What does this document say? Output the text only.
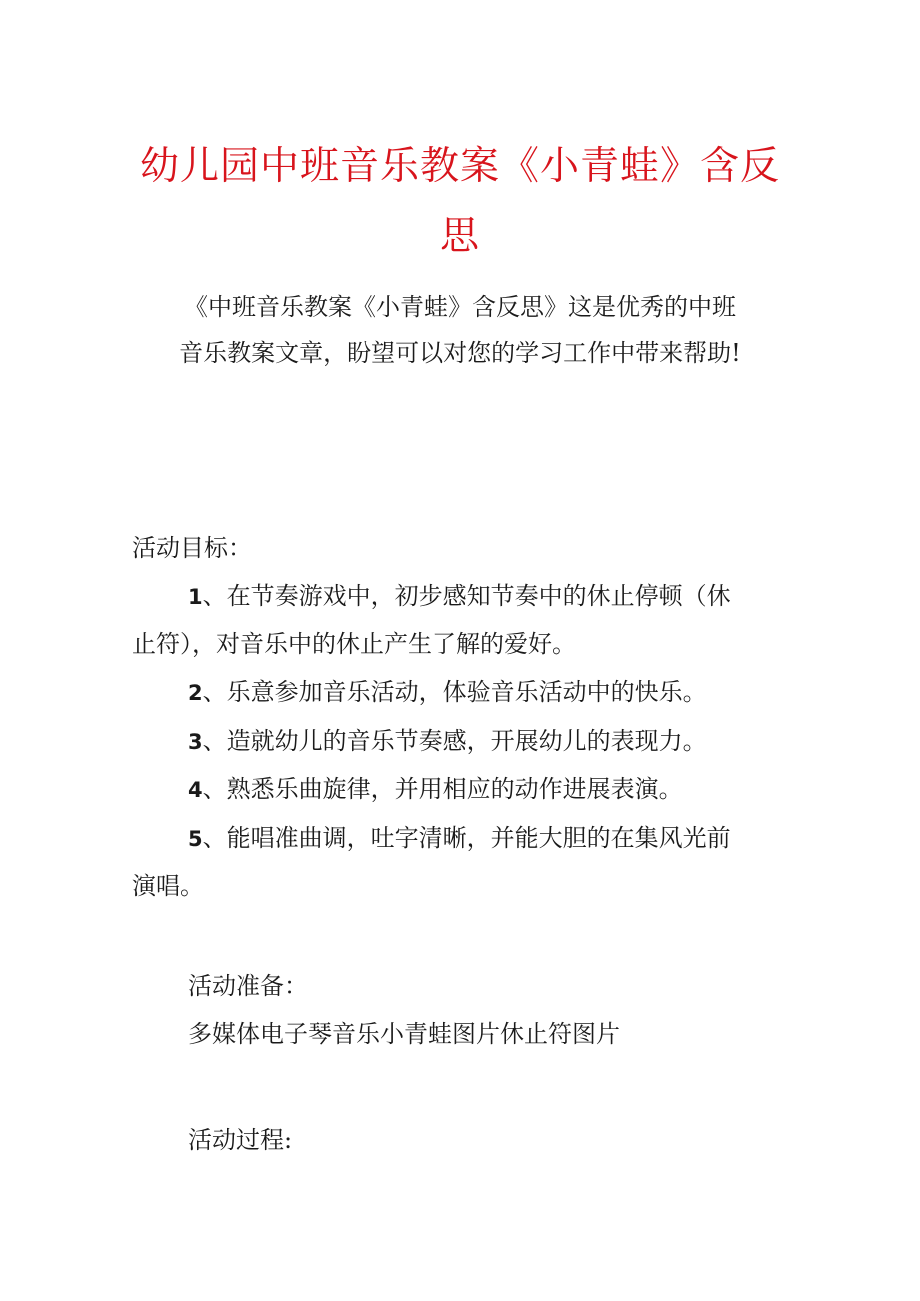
幼儿园中班音乐教案《小青蛙》含反
思

《中班音乐教案《小青蛙》含反思》这是优秀的中班
音乐教案文章，盼望可以对您的学习工作中带来帮助!

活动目标：

1、在节奏游戏中，初步感知节奏中的休止停顿（休
止符），对音乐中的休止产生了解的爱好。
2、乐意参加音乐活动，体验音乐活动中的快乐。
3、造就幼儿的音乐节奏感，开展幼儿的表现力。
4、熟悉乐曲旋律，并用相应的动作进展表演。
5、能唱准曲调，吐字清晰，并能大胆的在集风光前
演唱。

活动准备：

多媒体电子琴音乐小青蛙图片休止符图片

活动过程:
